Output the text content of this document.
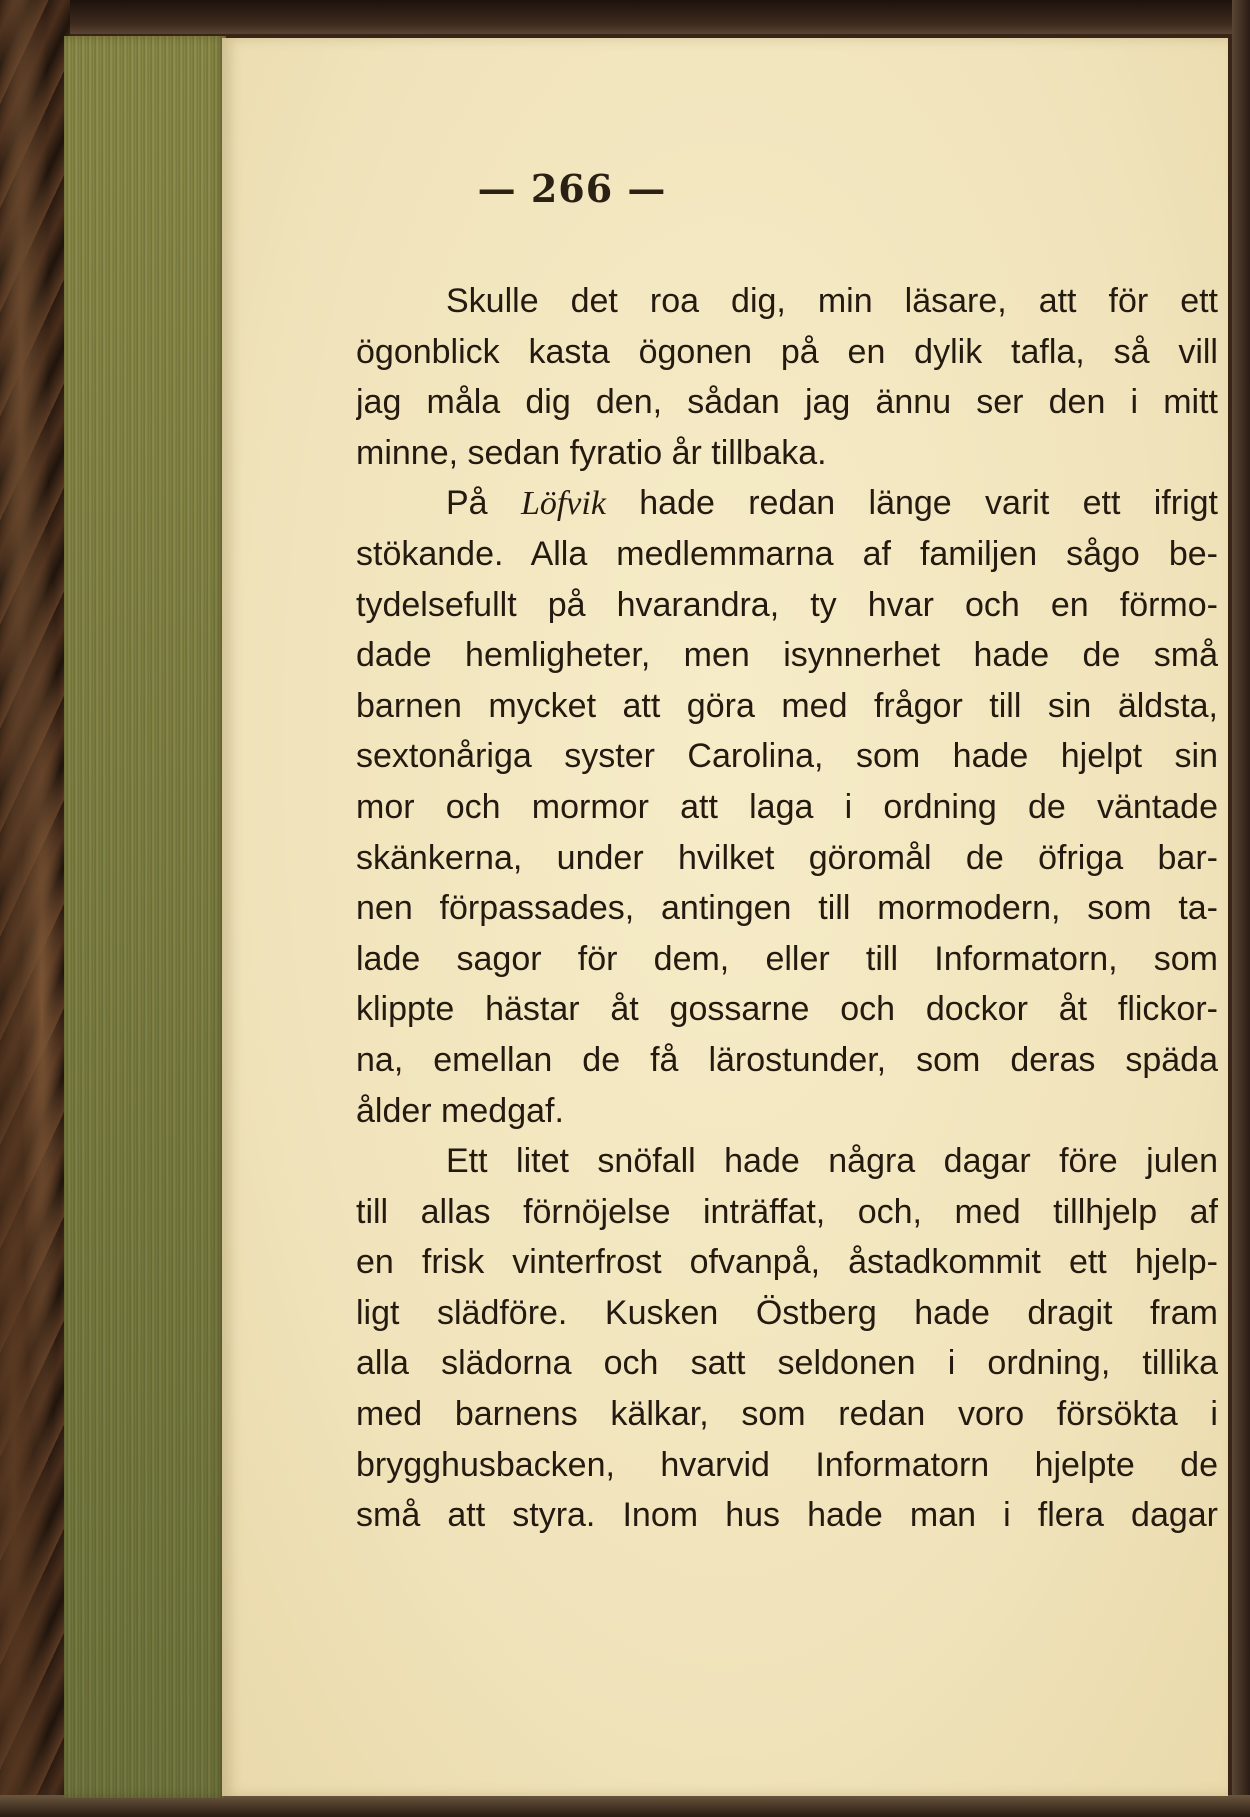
— 266 —
Skulle det roa dig, min läsare, att för ett
ögonblick kasta ögonen på en dylik tafla, så vill
jag måla dig den, sådan jag ännu ser den i mitt
minne, sedan fyratio år tillbaka.
På Löfvik hade redan länge varit ett ifrigt
stökande. Alla medlemmarna af familjen sågo be-
tydelsefullt på hvarandra, ty hvar och en förmo-
dade hemligheter, men isynnerhet hade de små
barnen mycket att göra med frågor till sin äldsta,
sextonåriga syster Carolina, som hade hjelpt sin
mor och mormor att laga i ordning de väntade
skänkerna, under hvilket göromål de öfriga bar-
nen förpassades, antingen till mormodern, som ta-
lade sagor för dem, eller till Informatorn, som
klippte hästar åt gossarne och dockor åt flickor-
na, emellan de få lärostunder, som deras späda
ålder medgaf.
Ett litet snöfall hade några dagar före julen
till allas förnöjelse inträffat, och, med tillhjelp af
en frisk vinterfrost ofvanpå, åstadkommit ett hjelp-
ligt slädföre. Kusken Östberg hade dragit fram
alla slädorna och satt seldonen i ordning, tillika
med barnens kälkar, som redan voro försökta i
brygghusbacken, hvarvid Informatorn hjelpte de
små att styra. Inom hus hade man i flera dagar
